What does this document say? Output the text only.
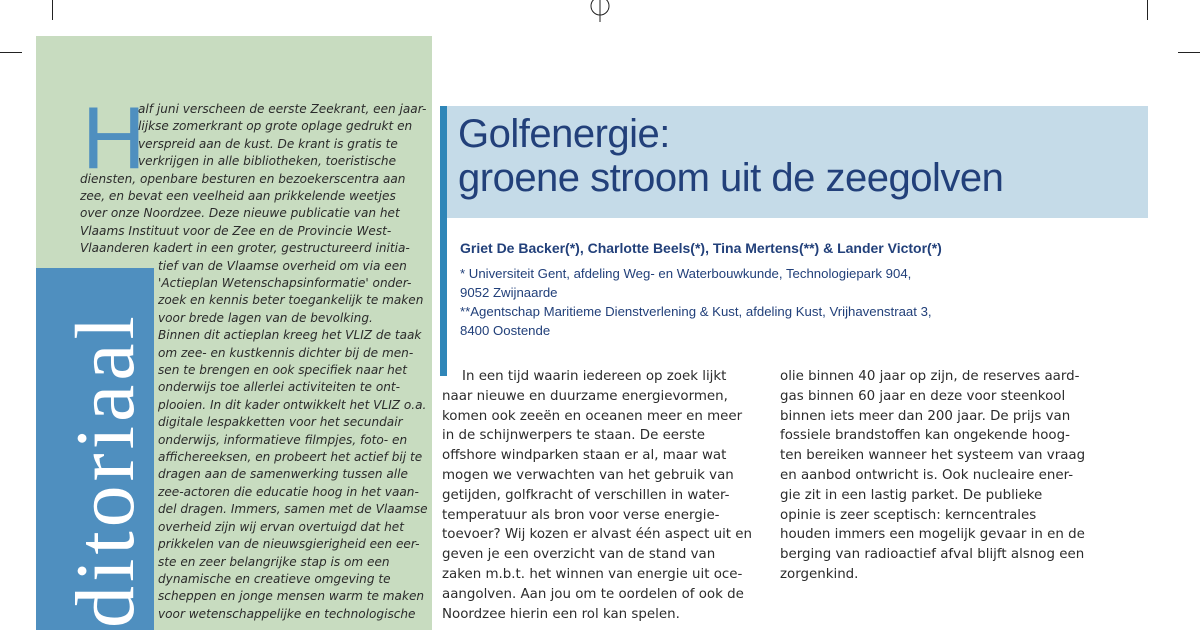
ditoriaal
H
alf juni verscheen de eerste Zeekrant, een jaar-
lijkse zomerkrant op grote oplage gedrukt en
verspreid aan de kust. De krant is gratis te
verkrijgen in alle bibliotheken, toeristische
diensten, openbare besturen en bezoekerscentra aan
zee, en bevat een veelheid aan prikkelende weetjes
over onze Noordzee. Deze nieuwe publicatie van het
Vlaams Instituut voor de Zee en de Provincie West-
Vlaanderen kadert in een groter, gestructureerd initia-
tief van de Vlaamse overheid om via een
'Actieplan Wetenschapsinformatie' onder-
zoek en kennis beter toegankelijk te maken
voor brede lagen van de bevolking.
Binnen dit actieplan kreeg het VLIZ de taak
om zee- en kustkennis dichter bij de men-
sen te brengen en ook specifiek naar het
onderwijs toe allerlei activiteiten te ont-
plooien. In dit kader ontwikkelt het VLIZ o.a.
digitale lespakketten voor het secundair
onderwijs, informatieve filmpjes, foto- en
affichereeksen, en probeert het actief bij te
dragen aan de samenwerking tussen alle
zee-actoren die educatie hoog in het vaan-
del dragen. Immers, samen met de Vlaamse
overheid zijn wij ervan overtuigd dat het
prikkelen van de nieuwsgierigheid een eer-
ste en zeer belangrijke stap is om een
dynamische en creatieve omgeving te
scheppen en jonge mensen warm te maken
voor wetenschappelijke en technologische
Golfenergie:
groene stroom uit de zeegolven
Griet De Backer(*), Charlotte Beels(*), Tina Mertens(**) & Lander Victor(*)
* Universiteit Gent, afdeling Weg- en Waterbouwkunde, Technologiepark 904,
9052 Zwijnaarde
**Agentschap Maritieme Dienstverlening & Kust, afdeling Kust, Vrijhavenstraat 3,
8400 Oostende
In een tijd waarin iedereen op zoek lijkt
naar nieuwe en duurzame energievormen,
komen ook zeeën en oceanen meer en meer
in de schijnwerpers te staan. De eerste
offshore windparken staan er al, maar wat
mogen we verwachten van het gebruik van
getijden, golfkracht of verschillen in water-
temperatuur als bron voor verse energie-
toevoer? Wij kozen er alvast één aspect uit en
geven je een overzicht van de stand van
zaken m.b.t. het winnen van energie uit oce-
aangolven. Aan jou om te oordelen of ook de
Noordzee hierin een rol kan spelen.
olie binnen 40 jaar op zijn, de reserves aard-
gas binnen 60 jaar en deze voor steenkool
binnen iets meer dan 200 jaar. De prijs van
fossiele brandstoffen kan ongekende hoog-
ten bereiken wanneer het systeem van vraag
en aanbod ontwricht is. Ook nucleaire ener-
gie zit in een lastig parket. De publieke
opinie is zeer sceptisch: kerncentrales
houden immers een mogelijk gevaar in en de
berging van radioactief afval blijft alsnog een
zorgenkind.
